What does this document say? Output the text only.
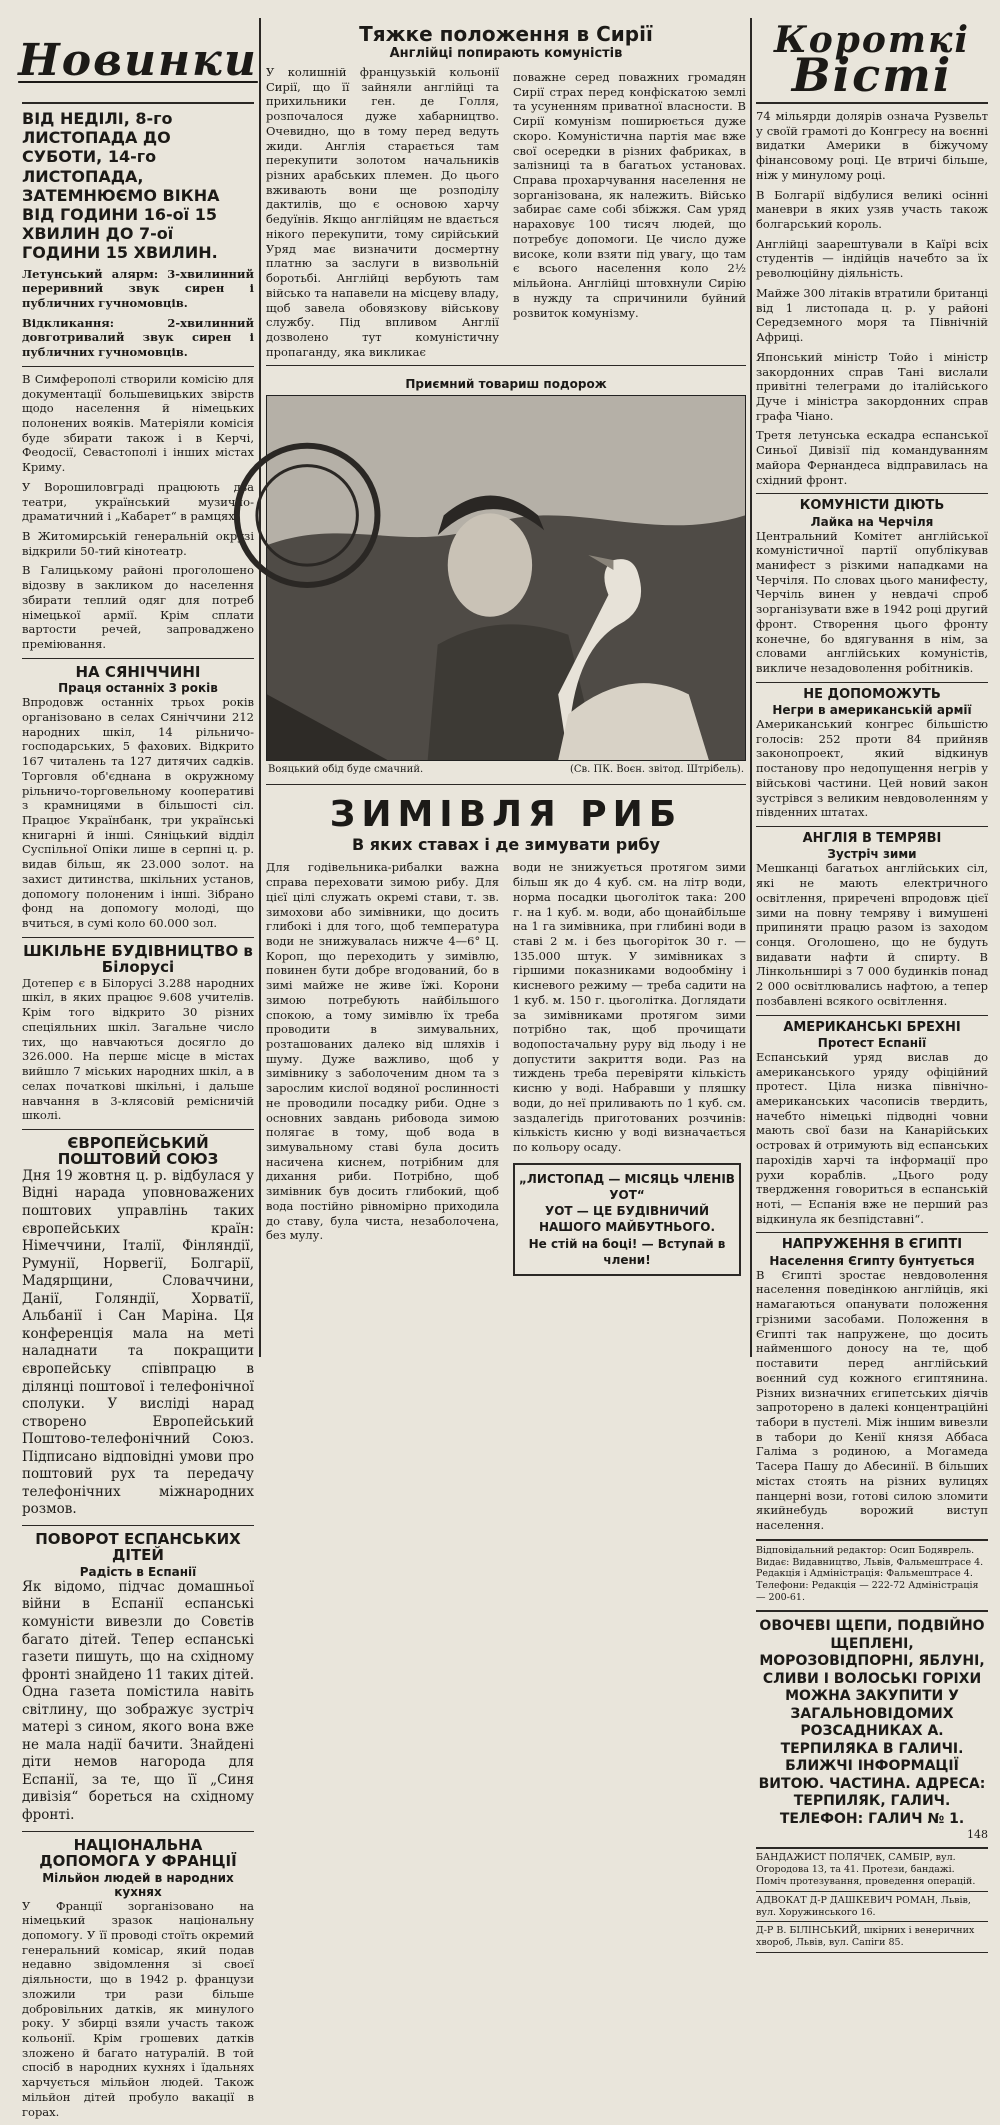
Новинки
ВІД НЕДІЛІ, 8-го ЛИСТОПАДА ДО СУБОТИ, 14-го ЛИСТОПАДА, ЗАТЕМНЮЄМО ВІКНА ВІД ГОДИНИ 16-ої 15 ХВИЛИН ДО 7-ої ГОДИНИ 15 ХВИЛИН.
Летунський алярм: 3-хвилинний переривний звук сирен і публичних гучномовців.
Відкликання: 2-хвилинний довготривалий звук сирен і публичних гучномовців.
В Симферополі створили комісію для документації большевицьких звірств щодо населення й німецьких полонених вояків. Матеріяли комісія буде збирати також і в Керчі, Феодосії, Севастополі і інших містах Криму.
У Ворошиловграді працюють два театри, український музично-драматичний і „Кабарет“ в рамцях.
В Житомирській генеральній окрузі відкрили 50-тий кінотеатр.
В Галицькому районі проголошено відозву в закликом до населення збирати теплий одяг для потреб німецької армії. Крім сплати вартости речей, запроваджено преміювання.
НА СЯНІЧЧИНІ
Праця останніх 3 років
Впродовж останніх трьох років організовано в селах Сяніччини 212 народних шкіл, 14 рільничо-господарських, 5 фахових. Відкрито 167 читалень та 127 дитячих садків. Торговля об'єднана в окружному рільничо-торговельному кооперативі з крамницями в більшості сіл. Працює Українбанк, три українські книгарні й інші. Сяніцький відділ Суспільної Опіки лише в серпні ц. р. видав більш, як 23.000 золот. на захист дитинства, шкільних установ, допомогу полоненим і інші. Зібрано фонд на допомогу молоді, що вчиться, в сумі коло 60.000 зол.
ШКІЛЬНЕ БУДІВНИЦТВО в Білорусі
Дотепер є в Білорусі 3.288 народних шкіл, в яких працює 9.608 учителів. Крім того відкрито 30 різних спеціяльних шкіл. Загальне число тих, що навчаються досягло до 326.000. На першє місце в містах вийшло 7 міських народних шкіл, а в селах початкові шкільні, і дальше навчання в 3-клясовій ремісничій школі.
ЄВРОПЕЙСЬКИЙ ПОШТОВИЙ СОЮЗ
Дня 19 жовтня ц. р. відбулася у Відні нарада уповноважених поштових управлінь таких європейських країн: Німеччини, Італії, Фінляндії, Румунії, Норвегії, Болгарії, Мадярщини, Словаччини, Данії, Голяндії, Хорватії, Альбанії і Сан Маріна. Ця конференція мала на меті наладнати та покращити європейську співпрацю в ділянці поштової і телефонічної сполуки. У висліді нарад створено Европейський Поштово-телефонічний Союз. Підписано відповідні умови про поштовий рух та передачу телефонічних міжнародних розмов.
ПОВОРОТ ЕСПАНСЬКИХ ДІТЕЙ
Радість в Еспанії
Як відомо, підчас домашньої війни в Еспанії еспанські комуністи вивезли до Совєтів багато дітей. Тепер еспанські газети пишуть, що на східному фронті знайдено 11 таких дітей. Одна газета помістила навіть світлину, що зображує зустріч матері з сином, якого вона вже не мала надії бачити. Знайдені діти немов нагорода для Еспанії, за те, що її „Синя дивізія“ бореться на східному фронті.
НАЦІОНАЛЬНА ДОПОМОГА У ФРАНЦІЇ
Мільйон людей в народних кухнях
У Франції зорганізовано на німецький зразок національну допомогу. У її проводі стоїть окремий генеральний комісар, який подав недавно звідомлення зі своєї діяльности, що в 1942 р. французи зложили три рази більше добровільних датків, як минулого року. У збирці взяли участь також кольонії. Крім грошевих датків зложено й багато натуралій. В той спосіб в народних кухнях і їдальнях харчується мільйон людей. Також мільйон дітей пробуло вакації в горах.
Тяжке положення в Сирії
Англійці попирають комуністів
У колишній французькій кольонії Сирії, що її зайняли англійці та прихильники ген. де Голля, розпочалося дуже хабарництво. Очевидно, що в тому перед ведуть жиди. Англія старається там перекупити золотом начальників різних арабських племен. До цього вживають вони ще розподілу дактилів, що є основою харчу бедуїнів. Якщо англійцям не вдається нікого перекупити, тому сирійський Уряд має визначити досмертну платню за заслуги в визвольній боротьбі. Англійці вербують там військо та напавели на місцеву владу, щоб завела обовязкову військову службу. Під впливом Англії дозволено тут комуністичну пропаганду, яка викликає
поважне серед поважних громадян Сирії страх перед конфіскатою землі та усуненням приватної власности. В Сирії комунізм поширюється дуже скоро. Комуністична партія має вже свої осередки в різних фабриках, в залізниці та в багатьох установах. Справа прохарчування населення не зорганізована, як належить. Військо забирає саме собі збіжжя. Сам уряд нараховує 100 тисяч людей, що потребує допомоги. Це число дуже високе, коли взяти під увагу, що там є всього населення коло 2½ мільйона. Англійці штовхнули Сирію в нужду та спричинили буйний розвиток комунізму.
Приємний товариш подорож
Вояцький обід буде смачний.	(Св. ПК. Воєн. звітод. Штрібель).
ЗИМІВЛЯ РИБ
В яких ставах і де зимувати рибу
Для годівельника-рибалки важна справа переховати зимою рибу. Для цієї цілі служать окремі стави, т. зв. зимохови або зимівники, що досить глибокі і для того, щоб температура води не знижувалась нижче 4—6° Ц. Короп, що переходить у зимівлю, повинен бути добре вгодований, бо в зимі майже не живе їжі. Корони зимою потребують найбільшого спокою, а тому зимівлю їх треба проводити в зимувальних, розташованих далеко від шляхів і шуму. Дуже важливо, щоб у зимівнику з заболоченим дном та з зарослим кислої водяної рослинності не проводили посадку риби. Одне з основних завдань рибовода зимою полягає в тому, щоб вода в зимувальному ставі була досить насичена киснем, потрібним для дихання риби. Потрібно, щоб зимівник був досить глибокий, щоб вода постійно рівномірно приходила до ставу, була чиста, незаболочена, без мулу.
води не знижується протягом зими більш як до 4 куб. см. на літр води, норма посадки цьоголіток така: 200 г. на 1 куб. м. води, або щонайбільше на 1 га зимівника, при глибині води в ставі 2 м. і без цьогоріток 30 г. — 135.000 штук. У зимівниках з гіршими показниками водообміну і кисневого режиму — треба садити на 1 куб. м. 150 г. цьоголітка. Доглядати за зимівниками протягом зими потрібно так, щоб прочищати водопостачальну руру від льоду і не допустити закриття води. Раз на тиждень треба перевіряти кількість кисню у воді. Набравши у пляшку води, до неї приливають по 1 куб. см. заздалегідь приготованих розчинів: кількість кисню у воді визначається по кольору осаду.
„ЛИСТОПАД — МІСЯЦЬ ЧЛЕНІВ УОТ“
УОТ — ЦЕ БУДІВНИЧИЙ НАШОГО МАЙБУТНЬОГО.
Не стій на боці! — Вступай в члени!
Короткі
Вісті
74 мільярди долярів означа Рузвельт у своїй грамоті до Конгресу на воєнні видатки Америки в біжучому фінансовому році. Це втричі більше, ніж у минулому році.
В Болгарії відбулися великі осінні маневри в яких узяв участь також болгарський король.
Англійці заарештували в Каїрі всіх студентів — індійців начебто за їх революційну діяльність.
Майже 300 літаків втратили британці від 1 листопада ц. р. у районі Середземного моря та Північній Африці.
Японський міністр Тойо і міністр закордонних справ Тані вислали привітні телеграми до італійського Дуче і міністра закордонних справ графа Чіано.
Третя летунська ескадра еспанської Синьої Дивізії під командуванням майора Фернандеса відправилась на східний фронт.
КОМУНІСТИ ДІЮТЬ
Лайка на Черчіля
Центральний Комітет англійської комуністичної партії опублікував манифест з різкими нападками на Черчіля. По словах цього манифесту, Черчіль винен у невдачі спроб зорганізувати вже в 1942 році другий фронт. Створення цього фронту конечне, бо вдягування в нім, за словами англійських комуністів, викличе незадоволення робітників.
НЕ ДОПОМОЖУТЬ
Негри в американській армії
Американський конгрес більшістю голосів: 252 проти 84 прийняв законопроект, який відкинув постанову про недопущення негрів у військові частини. Цей новий закон зустрівся з великим невдоволенням у південних штатах.
АНГЛІЯ В ТЕМРЯВІ
Зустріч зими
Мешканці багатьох англійських сіл, які не мають електричного освітлення, приречені впродовж цієї зими на повну темряву і вимушені припиняти працю разом із заходом сонця. Оголошено, що не будуть видавати нафти й спирту. В Лінкольнширі з 7 000 будинків понад 2 000 освітлювались нафтою, а тепер позбавлені всякого освітлення.
АМЕРИКАНСЬКІ БРЕХНІ
Протест Еспанії
Еспанський уряд вислав до американського уряду офіційний протест. Ціла низка північно-американських часописів твердить, начебто німецькі підводні човни мають свої бази на Канарійських островах й отримують від еспанських парохідів харчі та інформації про рухи кораблів. „Цього роду твердження говориться в еспанській ноті, — Еспанія вже не перший раз відкинула як безпідставні“.
НАПРУЖЕННЯ В ЄГИПТІ
Населення Єгипту бунтується
В Єгипті зростає невдоволення населення поведінкою англійців, які намагаються опанувати положення грізними засобами. Положення в Єгипті так напружене, що досить найменшого доносу на те, щоб поставити перед англійський воєнний суд кожного єгиптянина. Різних визначних єгипетських діячів запроторено в далекі концентраційні табори в пустелі. Між іншим вивезли в табори до Кенії князя Аббаса Галіма з родиною, а Могамеда Тасера Пашу до Абесинії. В більших містах стоять на різних вулицях панцерні вози, готові силою зломити якийнебудь ворожий виступ населення.
Відповідальний редактор: Осип Бодяврель. Видає: Видавництво, Львів, Фальмештрасе 4. Редакція і Адміністрація: Фальмештрасе 4. Телефони: Редакція — 222-72 Адміністрація — 200-61.
ОВОЧЕВІ ЩЕПИ, ПОДВІЙНО ЩЕПЛЕНІ, МОРОЗОВІДПОРНІ, ЯБЛУНІ, СЛИВИ І ВОЛОСЬКІ ГОРІХИ МОЖНА ЗАКУПИТИ У ЗАГАЛЬНОВІДОМИХ РОЗСАДНИКАХ А. ТЕРПИЛЯКА В ГАЛИЧІ. БЛИЖЧІ ІНФОРМАЦІЇ ВИТОЮ. ЧАСТИНА. АДРЕСА: ТЕРПИЛЯК, ГАЛИЧ. ТЕЛЕФОН: ГАЛИЧ № 1.
148
БАНДАЖИСТ ПОЛЯЧЕК, САМБІР, вул. Огородова 13, та 41. Протези, бандажі. Поміч протезування, проведення операцій.
АДВОКАТ Д-Р ДАШКЕВИЧ РОМАН, Львів, вул. Хоружинського 16.
Д-Р В. БІЛІНСЬКИЙ, шкірних і венеричних хвороб, Львів, вул. Сапіги 85.
